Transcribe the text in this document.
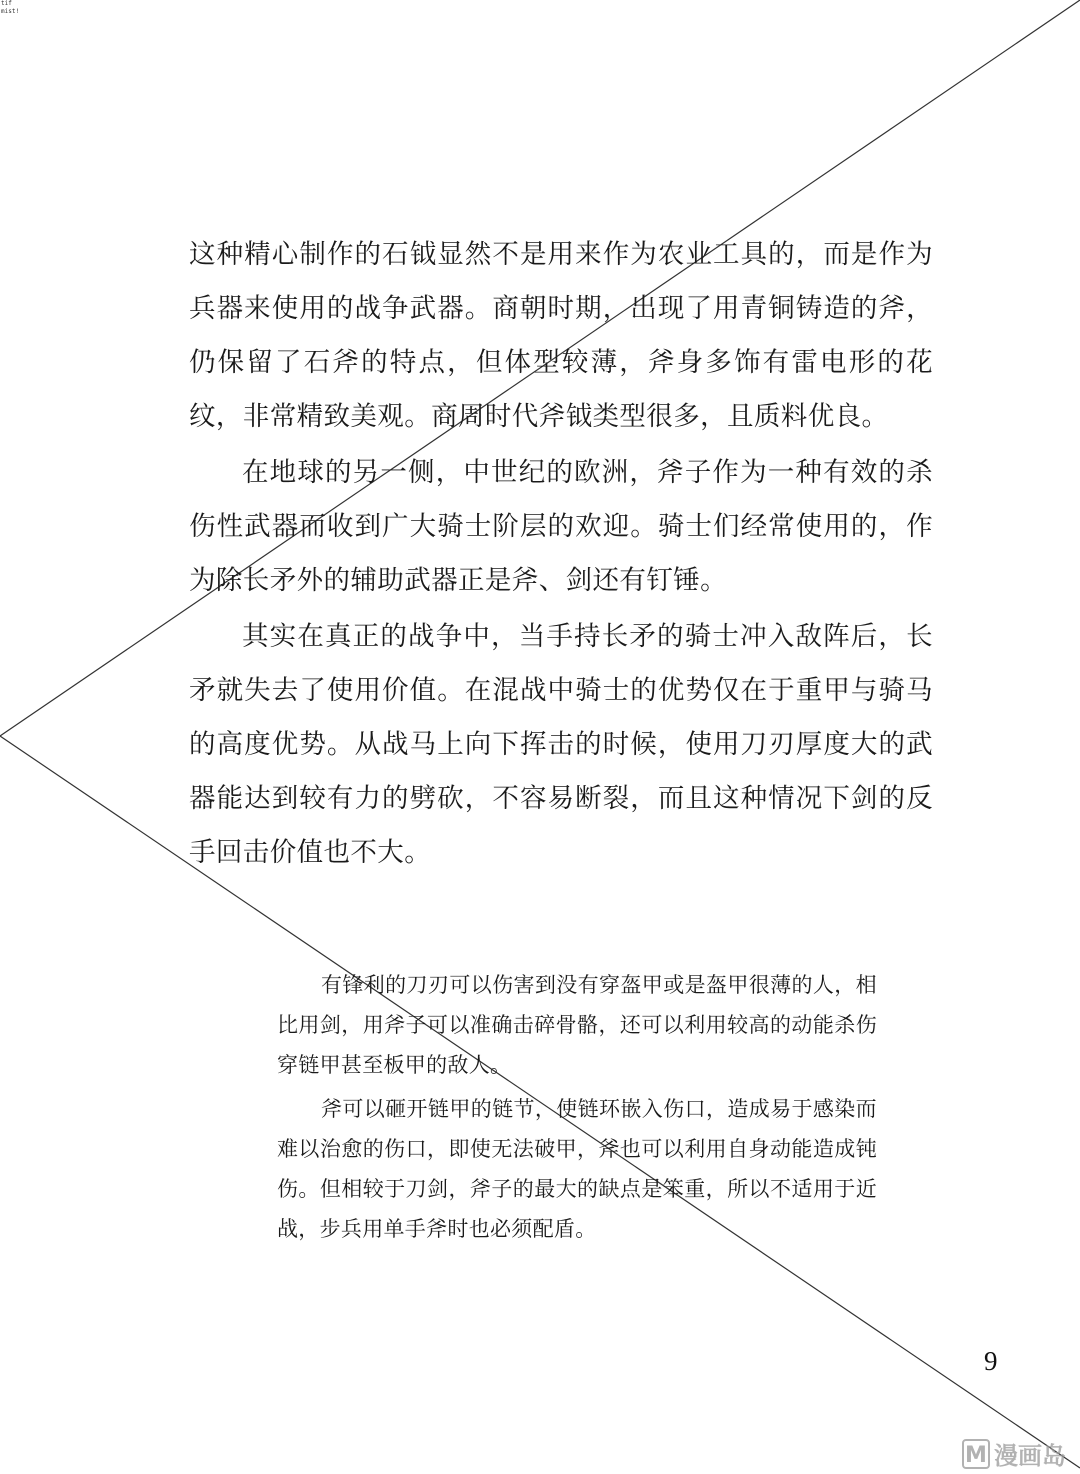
tif
mist!

这种精心制作的石钺显然不是用来作为农业工具的，而是作为兵器来使用的战争武器。商朝时期，出现了用青铜铸造的斧，仍保留了石斧的特点，但体型较薄，斧身多饰有雷电形的花纹，非常精致美观。商周时代斧钺类型很多，且质料优良。

在地球的另一侧，中世纪的欧洲，斧子作为一种有效的杀伤性武器而收到广大骑士阶层的欢迎。骑士们经常使用的，作为除长矛外的辅助武器正是斧、剑还有钉锤。

其实在真正的战争中，当手持长矛的骑士冲入敌阵后，长矛就失去了使用价值。在混战中骑士的优势仅在于重甲与骑马的高度优势。从战马上向下挥击的时候，使用刀刃厚度大的武器能达到较有力的劈砍，不容易断裂，而且这种情况下剑的反手回击价值也不大。

有锋利的刀刃可以伤害到没有穿盔甲或是盔甲很薄的人，相比用剑，用斧子可以准确击碎骨骼，还可以利用较高的动能杀伤穿链甲甚至板甲的敌人。

斧可以砸开链甲的链节，使链环嵌入伤口，造成易于感染而难以治愈的伤口，即使无法破甲，斧也可以利用自身动能造成钝伤。但相较于刀剑，斧子的最大的缺点是笨重，所以不适用于近战，步兵用单手斧时也必须配盾。

9
M 漫画岛
